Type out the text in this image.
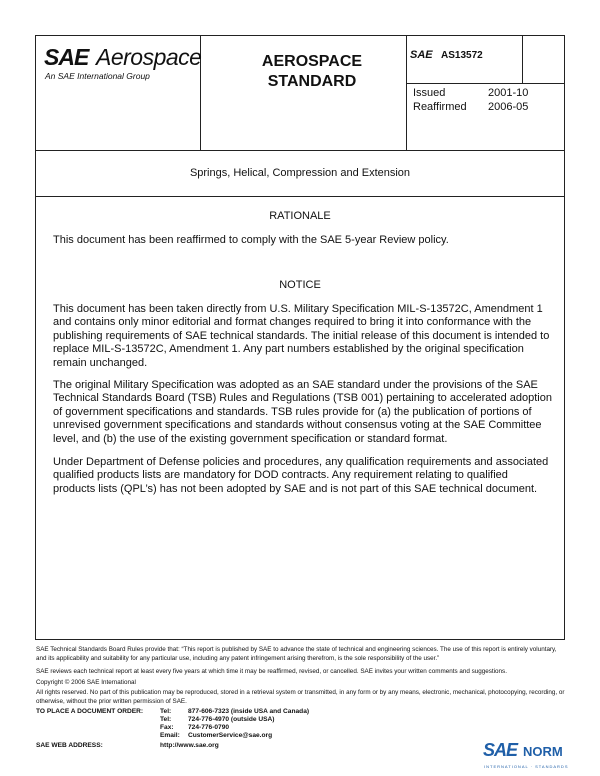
SAE Aerospace
An SAE International Group
AEROSPACE
STANDARD
SAE AS13572
Issued	2001-10
Reaffirmed 2006-05
Springs, Helical, Compression and Extension
RATIONALE
This document has been reaffirmed to comply with the SAE 5-year Review policy.
NOTICE
This document has been taken directly from U.S. Military Specification MIL-S-13572C, Amendment 1 and contains only minor editorial and format changes required to bring it into conformance with the publishing requirements of SAE technical standards. The initial release of this document is intended to replace MIL-S-13572C, Amendment 1. Any part numbers established by the original specification remain unchanged.
The original Military Specification was adopted as an SAE standard under the provisions of the SAE Technical Standards Board (TSB) Rules and Regulations (TSB 001) pertaining to accelerated adoption of government specifications and standards. TSB rules provide for (a) the publication of portions of unrevised government specifications and standards without consensus voting at the SAE Committee level, and (b) the use of the existing government specification or standard format.
Under Department of Defense policies and procedures, any qualification requirements and associated qualified products lists are mandatory for DOD contracts. Any requirement relating to qualified products lists (QPL’s) has not been adopted by SAE and is not part of this SAE technical document.
SAE Technical Standards Board Rules provide that: “This report is published by SAE to advance the state of technical and engineering sciences. The use of this report is entirely voluntary, and its applicability and suitability for any particular use, including any patent infringement arising therefrom, is the sole responsibility of the user.”
SAE reviews each technical report at least every five years at which time it may be reaffirmed, revised, or cancelled. SAE invites your written comments and suggestions.
Copyright © 2006 SAE International
All rights reserved. No part of this publication may be reproduced, stored in a retrieval system or transmitted, in any form or by any means, electronic, mechanical, photocopying, recording, or otherwise, without the prior written permission of SAE.
TO PLACE A DOCUMENT ORDER:	Tel:	877-606-7323 (inside USA and Canada)
Tel:	724-776-4970 (outside USA)
Fax: 724-776-0790
Email: CustomerService@sae.org
SAE WEB ADDRESS:	http://www.sae.org	SAE NORM
INTERNATIONAL · STANDARDS
